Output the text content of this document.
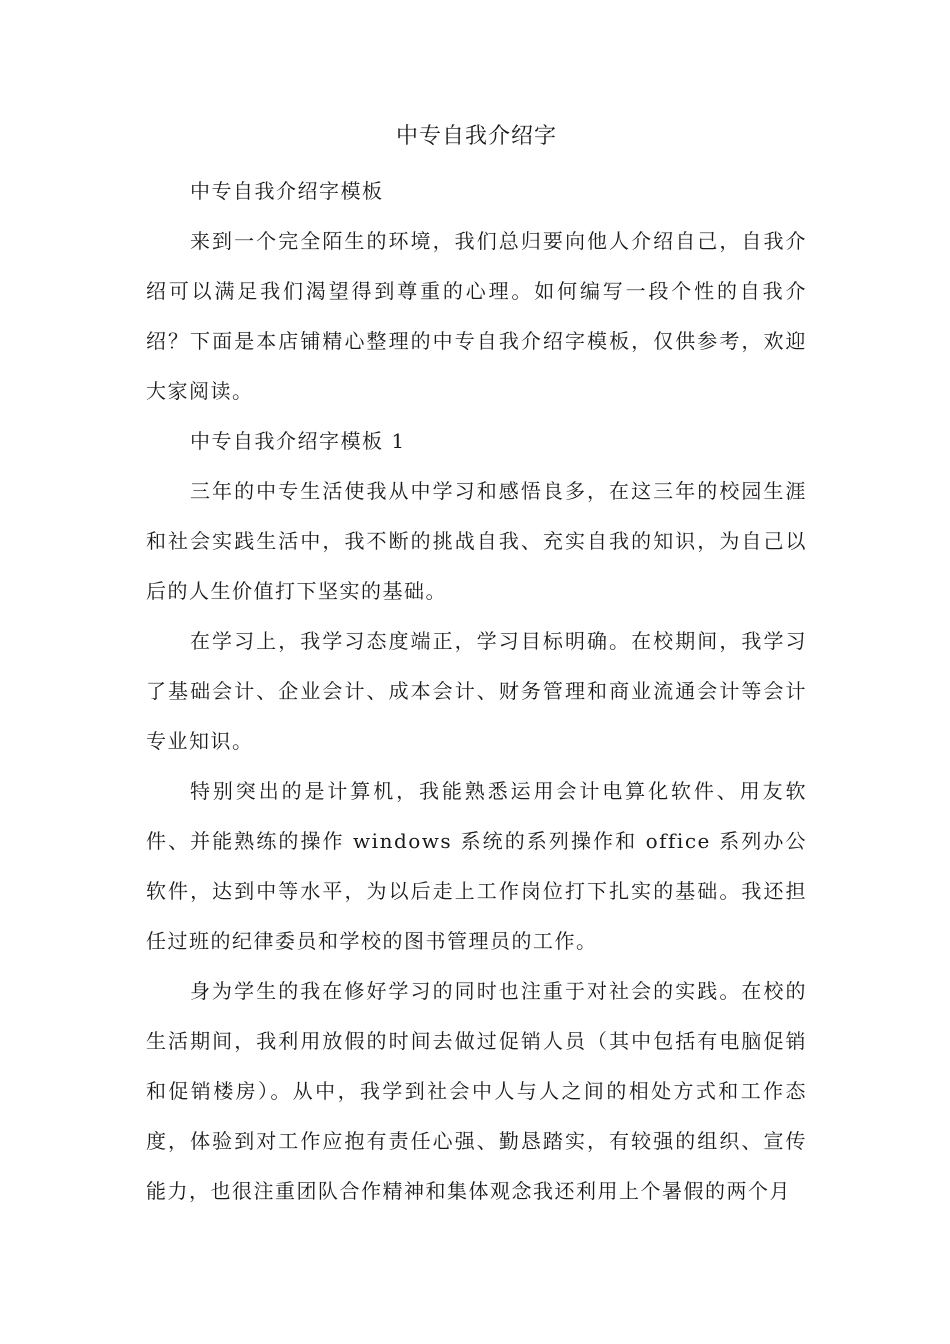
中专自我介绍字

中专自我介绍字模板

来到一个完全陌生的环境，我们总归要向他人介绍自己，自我介绍可以满足我们渴望得到尊重的心理。如何编写一段个性的自我介绍？下面是本店铺精心整理的中专自我介绍字模板，仅供参考，欢迎大家阅读。

中专自我介绍字模板 1

三年的中专生活使我从中学习和感悟良多，在这三年的校园生涯和社会实践生活中，我不断的挑战自我、充实自我的知识，为自己以后的人生价值打下坚实的基础。

在学习上，我学习态度端正，学习目标明确。在校期间，我学习了基础会计、企业会计、成本会计、财务管理和商业流通会计等会计专业知识。

特别突出的是计算机，我能熟悉运用会计电算化软件、用友软件、并能熟练的操作 windows 系统的系列操作和 office 系列办公软件，达到中等水平，为以后走上工作岗位打下扎实的基础。我还担任过班的纪律委员和学校的图书管理员的工作。

身为学生的我在修好学习的同时也注重于对社会的实践。在校的生活期间，我利用放假的时间去做过促销人员（其中包括有电脑促销和促销楼房）。从中，我学到社会中人与人之间的相处方式和工作态度，体验到对工作应抱有责任心强、勤恳踏实，有较强的组织、宣传能力，也很注重团队合作精神和集体观念我还利用上个暑假的两个月
